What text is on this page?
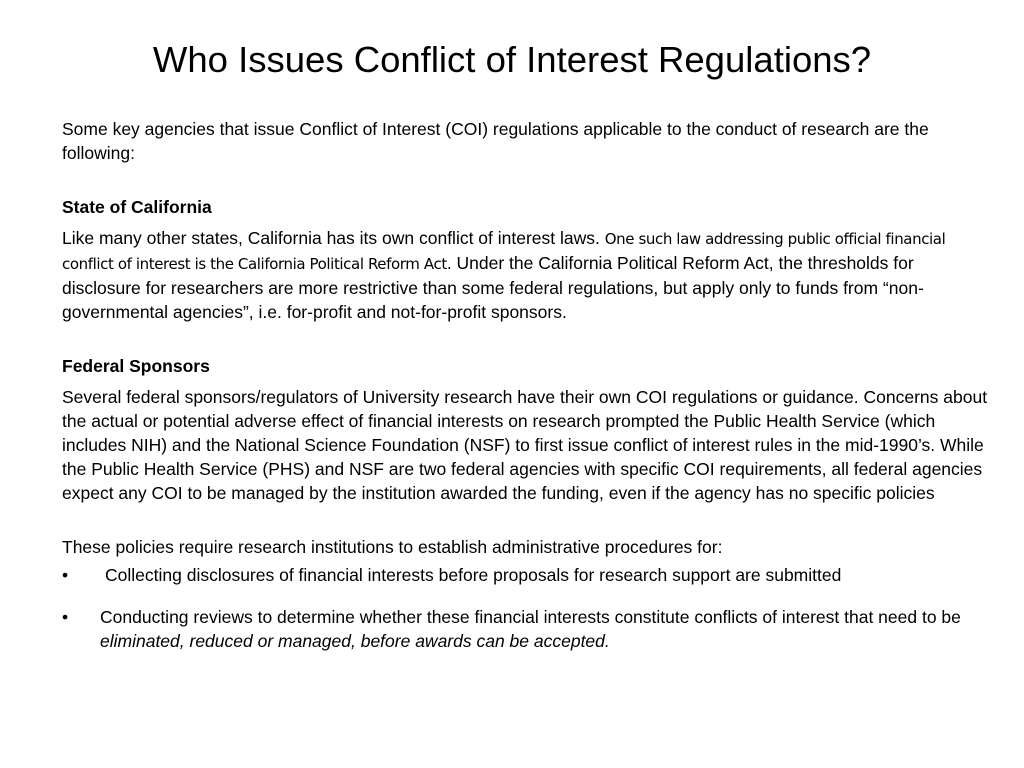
Who Issues Conflict of Interest Regulations?

Some key agencies that issue Conflict of Interest (COI) regulations applicable to the conduct of research are the following:

State of California

Like many other states, California has its own conflict of interest laws. One such law addressing public official financial conflict of interest is the California Political Reform Act. Under the California Political Reform Act, the thresholds for disclosure for researchers are more restrictive than some federal regulations, but apply only to funds from “non-governmental agencies”, i.e. for-profit and not-for-profit sponsors.

Federal Sponsors

Several federal sponsors/regulators of University research have their own COI regulations or guidance. Concerns about the actual or potential adverse effect of financial interests on research prompted the Public Health Service (which includes NIH) and the National Science Foundation (NSF) to first issue conflict of interest rules in the mid-1990’s. While the Public Health Service (PHS) and NSF are two federal agencies with specific COI requirements, all federal agencies expect any COI to be managed by the institution awarded the funding, even if the agency has no specific policies

These policies require research institutions to establish administrative procedures for:

•	Collecting disclosures of financial interests before proposals for research support are submitted
•	Conducting reviews to determine whether these financial interests constitute conflicts of interest that need to be eliminated, reduced or managed, before awards can be accepted.
